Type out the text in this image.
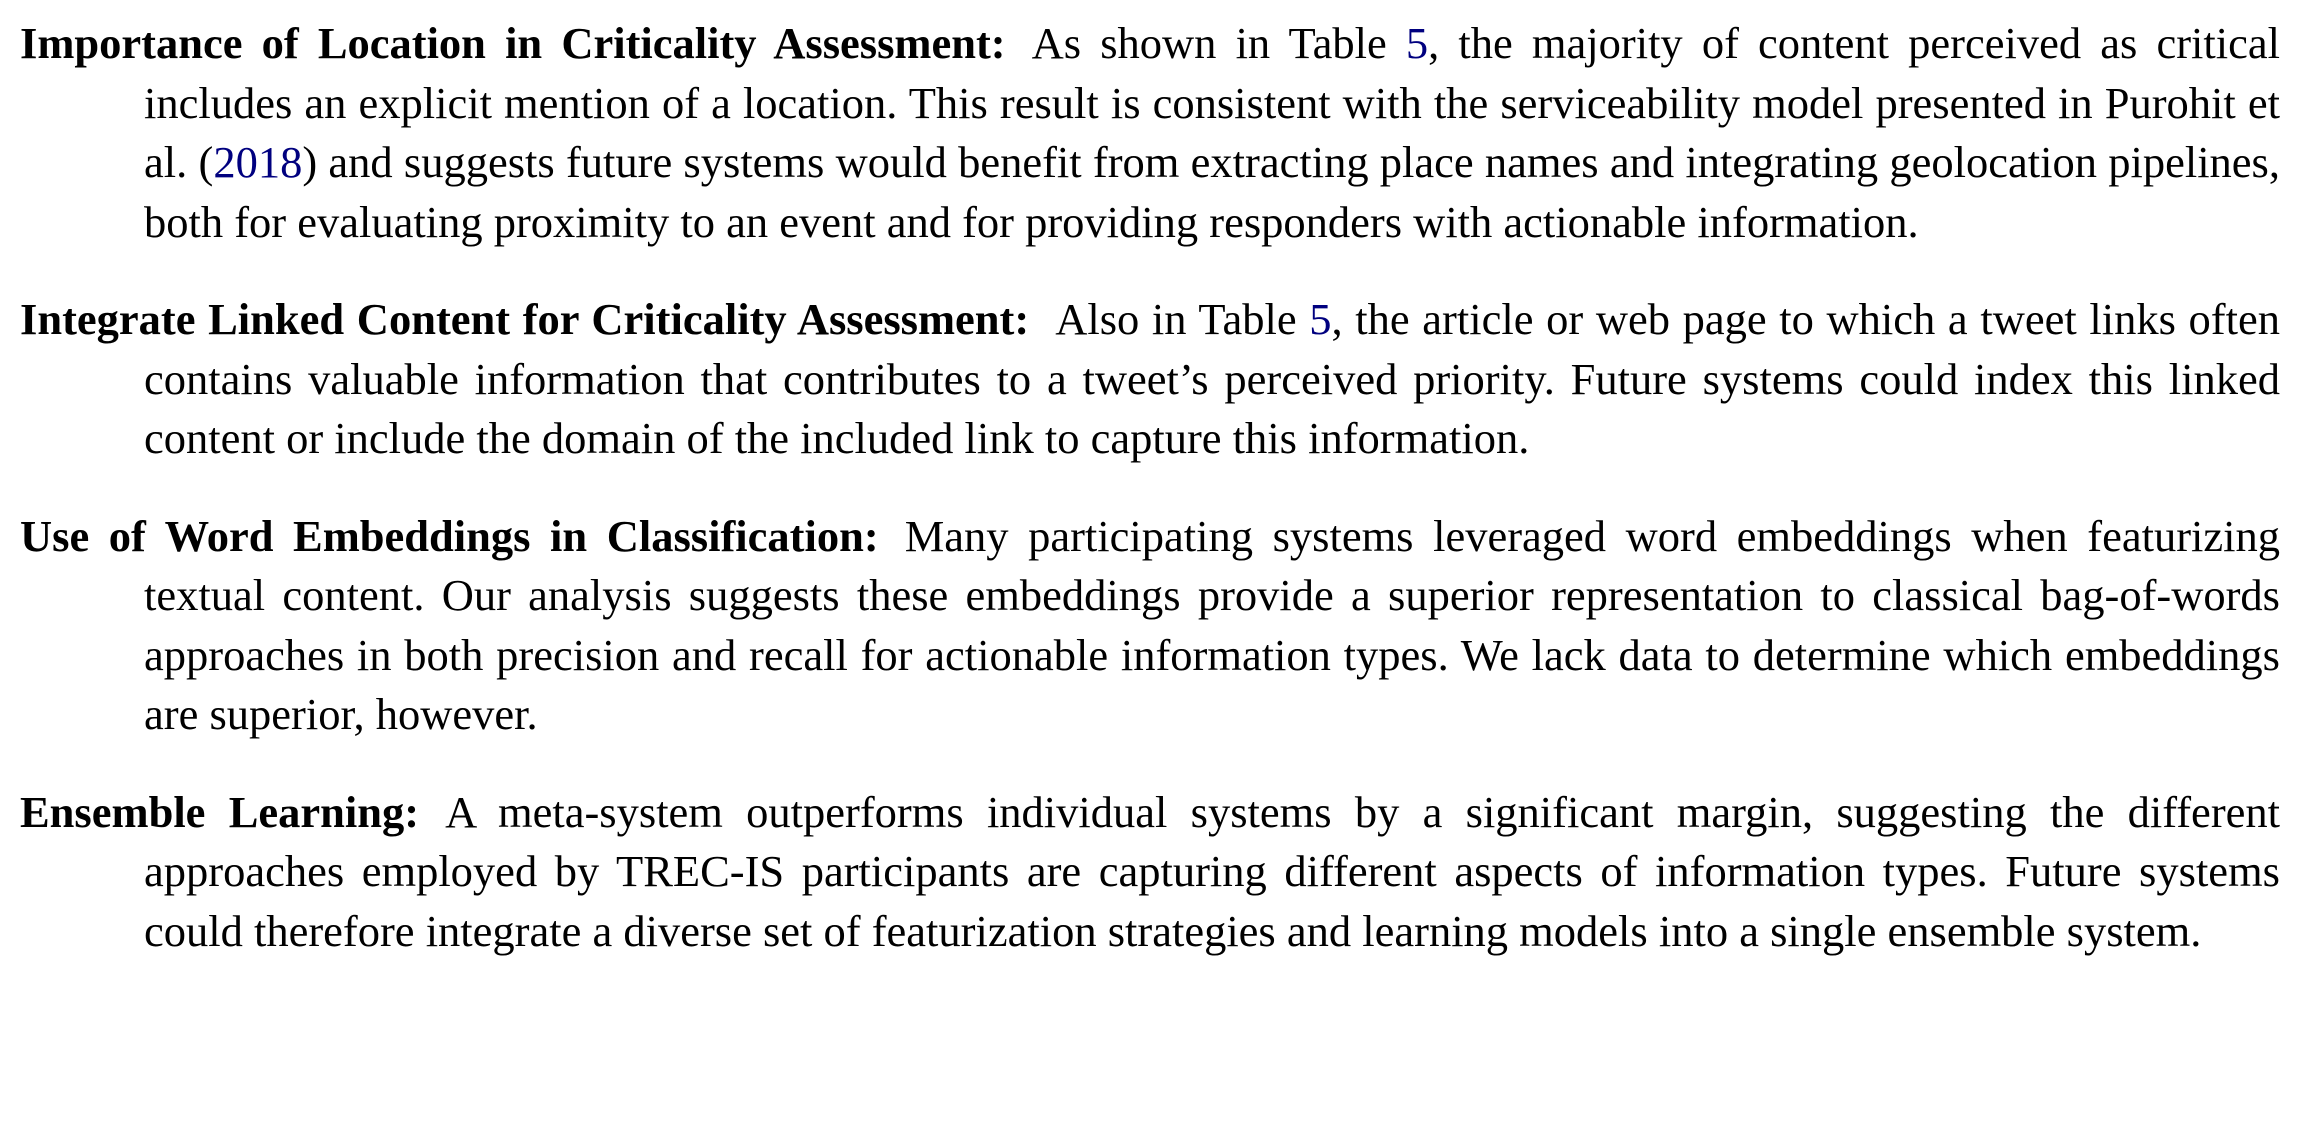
Importance of Location in Criticality Assessment: As shown in Table 5, the majority of content perceived as critical includes an explicit mention of a location. This result is consistent with the serviceability model presented in Purohit et al. (2018) and suggests future systems would benefit from extracting place names and integrating geolocation pipelines, both for evaluating proximity to an event and for providing responders with actionable information.

Integrate Linked Content for Criticality Assessment: Also in Table 5, the article or web page to which a tweet links often contains valuable information that contributes to a tweet’s perceived priority. Future systems could index this linked content or include the domain of the included link to capture this information.

Use of Word Embeddings in Classification: Many participating systems leveraged word embeddings when featurizing textual content. Our analysis suggests these embeddings provide a superior representation to classical bag-of-words approaches in both precision and recall for actionable information types. We lack data to determine which embeddings are superior, however.

Ensemble Learning: A meta-system outperforms individual systems by a significant margin, suggesting the different approaches employed by TREC-IS participants are capturing different aspects of information types. Future systems could therefore integrate a diverse set of featurization strategies and learning models into a single ensemble system.
